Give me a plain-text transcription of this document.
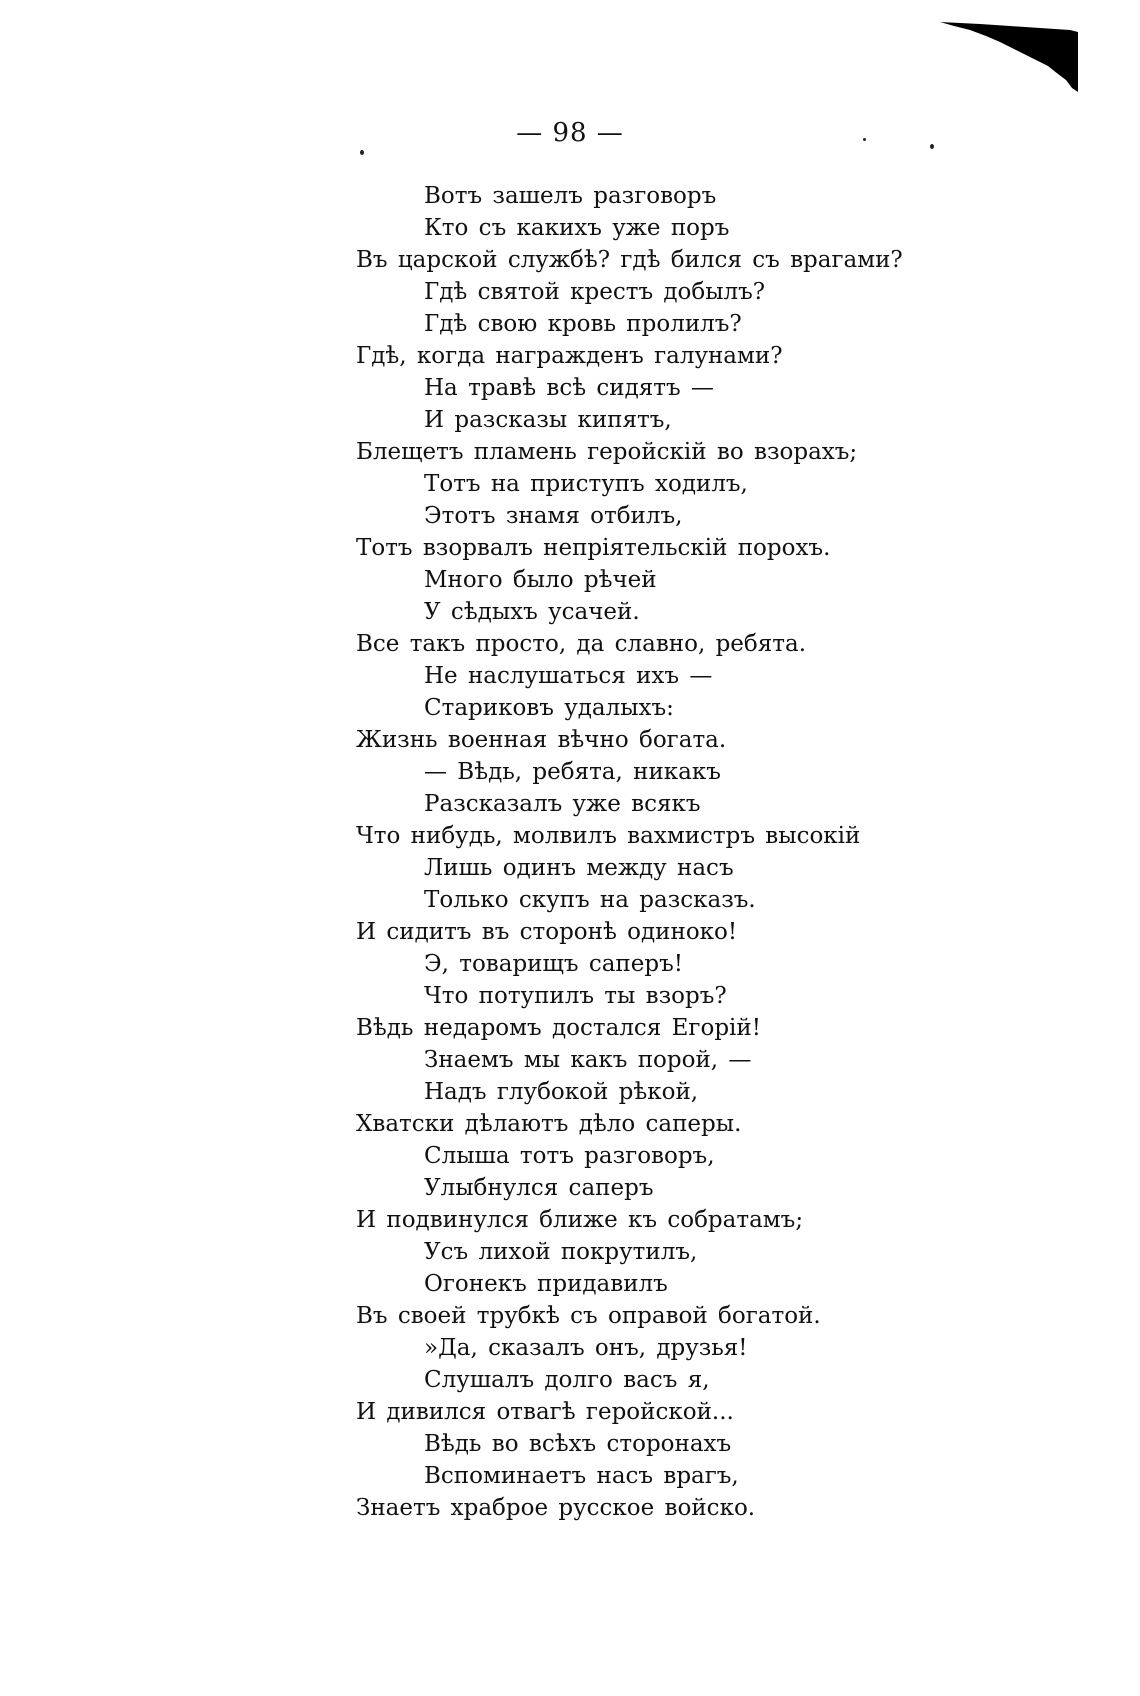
— 98 —
Вотъ зашелъ разговоръ
Кто съ какихъ уже поръ
Въ царской службѣ? гдѣ бился съ врагами?
Гдѣ святой крестъ добылъ?
Гдѣ свою кровь пролилъ?
Гдѣ, когда награжденъ галунами?
На травѣ всѣ сидятъ —
И разсказы кипятъ,
Блещетъ пламень геройскій во взорахъ;
Тотъ на приступъ ходилъ,
Этотъ знамя отбилъ,
Тотъ взорвалъ непріятельскій порохъ.
Много было рѣчей
У сѣдыхъ усачей.
Все такъ просто, да славно, ребята.
Не наслушаться ихъ —
Стариковъ удалыхъ:
Жизнь военная вѣчно богата.
— Вѣдь, ребята, никакъ
Разсказалъ уже всякъ
Что нибудь, молвилъ вахмистръ высокій
Лишь одинъ между насъ
Только скупъ на разсказъ.
И сидитъ въ сторонѣ одиноко!
Э, товарищъ саперъ!
Что потупилъ ты взоръ?
Вѣдь недаромъ достался Егорій!
Знаемъ мы какъ порой, —
Надъ глубокой рѣкой,
Хватски дѣлаютъ дѣло саперы.
Слыша тотъ разговоръ,
Улыбнулся саперъ
И подвинулся ближе къ собратамъ;
Усъ лихой покрутилъ,
Огонекъ придавилъ
Въ своей трубкѣ съ оправой богатой.
»Да, сказалъ онъ, друзья!
Слушалъ долго васъ я,
И дивился отвагѣ геройской...
Вѣдь во всѣхъ сторонахъ
Вспоминаетъ насъ врагъ,
Знаетъ храброе русское войско.
